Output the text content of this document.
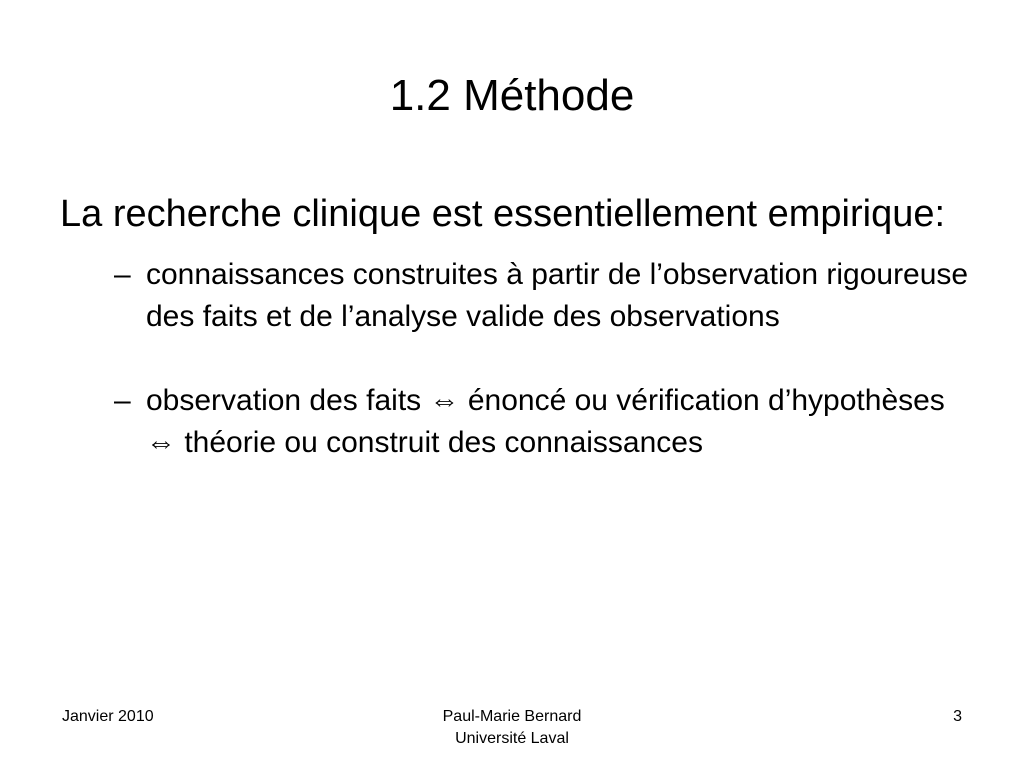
1.2 Méthode

La recherche clinique est essentiellement empirique:

– connaissances construites à partir de l’observation rigoureuse des faits et de l’analyse valide des observations
– observation des faits ⇔ énoncé ou vérification d’hypothèses ⇔ théorie ou construit des connaissances
Janvier 2010	Paul-Marie Bernard
Université Laval
3
